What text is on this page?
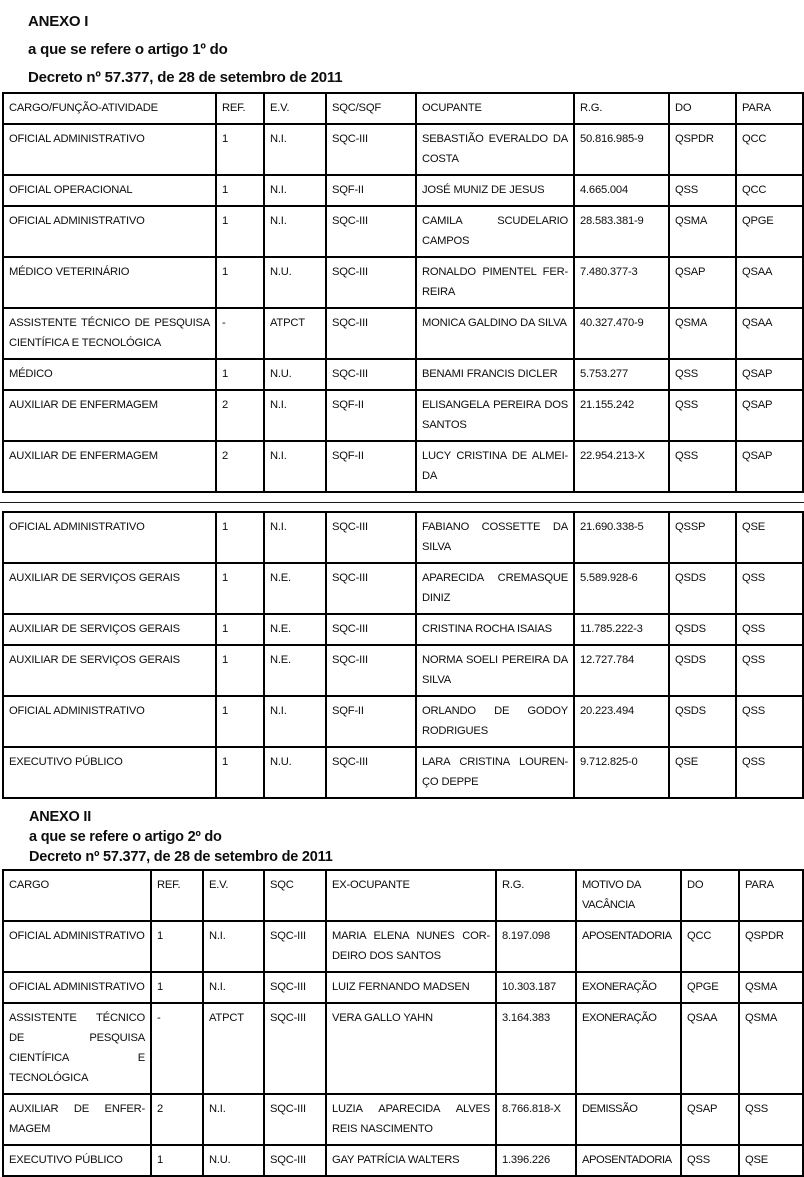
ANEXO I
a que se refere o artigo 1º do
Decreto nº 57.377, de 28 de setembro de 2011
CARGO/FUNÇÃO-ATIVIDADE	REF.	E.V.	SQC/SQF	OCUPANTE	R.G.	DO	PARA
OFICIAL ADMINISTRATIVO	1	N.I.	SQC-III	SEBASTIÃO EVERALDO DA COSTA	50.816.985-9	QSPDR	QCC
OFICIAL OPERACIONAL	1	N.I.	SQF-II	JOSÉ MUNIZ DE JESUS	4.665.004	QSS	QCC
OFICIAL ADMINISTRATIVO	1	N.I.	SQC-III	CAMILA SCUDELARIO CAMPOS	28.583.381-9	QSMA	QPGE
MÉDICO VETERINÁRIO	1	N.U.	SQC-III	RONALDO PIMENTEL FER-REIRA	7.480.377-3	QSAP	QSAA
ASSISTENTE TÉCNICO DE PESQUISA CIENTÍFICA E TECNOLÓGICA	-	ATPCT	SQC-III	MONICA GALDINO DA SILVA	40.327.470-9	QSMA	QSAA
MÉDICO	1	N.U.	SQC-III	BENAMI FRANCIS DICLER	5.753.277	QSS	QSAP
AUXILIAR DE ENFERMAGEM	2	N.I.	SQF-II	ELISANGELA PEREIRA DOS SANTOS	21.155.242	QSS	QSAP
AUXILIAR DE ENFERMAGEM	2	N.I.	SQF-II	LUCY CRISTINA DE ALMEI-DA	22.954.213-X	QSS	QSAP
OFICIAL ADMINISTRATIVO	1	N.I.	SQC-III	FABIANO COSSETTE DA SILVA	21.690.338-5	QSSP	QSE
AUXILIAR DE SERVIÇOS GERAIS	1	N.E.	SQC-III	APARECIDA CREMASQUE DINIZ	5.589.928-6	QSDS	QSS
AUXILIAR DE SERVIÇOS GERAIS	1	N.E.	SQC-III	CRISTINA ROCHA ISAIAS	11.785.222-3	QSDS	QSS
AUXILIAR DE SERVIÇOS GERAIS	1	N.E.	SQC-III	NORMA SOELI PEREIRA DA SILVA	12.727.784	QSDS	QSS
OFICIAL ADMINISTRATIVO	1	N.I.	SQF-II	ORLANDO DE GODOY RODRIGUES	20.223.494	QSDS	QSS
EXECUTIVO PÚBLICO	1	N.U.	SQC-III	LARA CRISTINA LOUREN-ÇO DEPPE	9.712.825-0	QSE	QSS
ANEXO II
a que se refere o artigo 2º do
Decreto nº 57.377, de 28 de setembro de 2011
CARGO	REF.	E.V.	SQC	EX-OCUPANTE	R.G.	MOTIVO DA VACÂNCIA	DO	PARA
OFICIAL ADMINISTRATIVO	1	N.I.	SQC-III	MARIA ELENA NUNES COR-DEIRO DOS SANTOS	8.197.098	APOSENTADORIA	QCC	QSPDR
OFICIAL ADMINISTRATIVO	1	N.I.	SQC-III	LUIZ FERNANDO MADSEN	10.303.187	EXONERAÇÃO	QPGE	QSMA
ASSISTENTE TÉCNICO DE PESQUISA CIENTÍFICA E TECNOLÓGICA	-	ATPCT	SQC-III	VERA GALLO YAHN	3.164.383	EXONERAÇÃO	QSAA	QSMA
AUXILIAR DE ENFER-MAGEM	2	N.I.	SQC-III	LUZIA APARECIDA ALVES REIS NASCIMENTO	8.766.818-X	DEMISSÃO	QSAP	QSS
EXECUTIVO PÚBLICO	1	N.U.	SQC-III	GAY PATRÍCIA WALTERS	1.396.226	APOSENTADORIA	QSS	QSE
